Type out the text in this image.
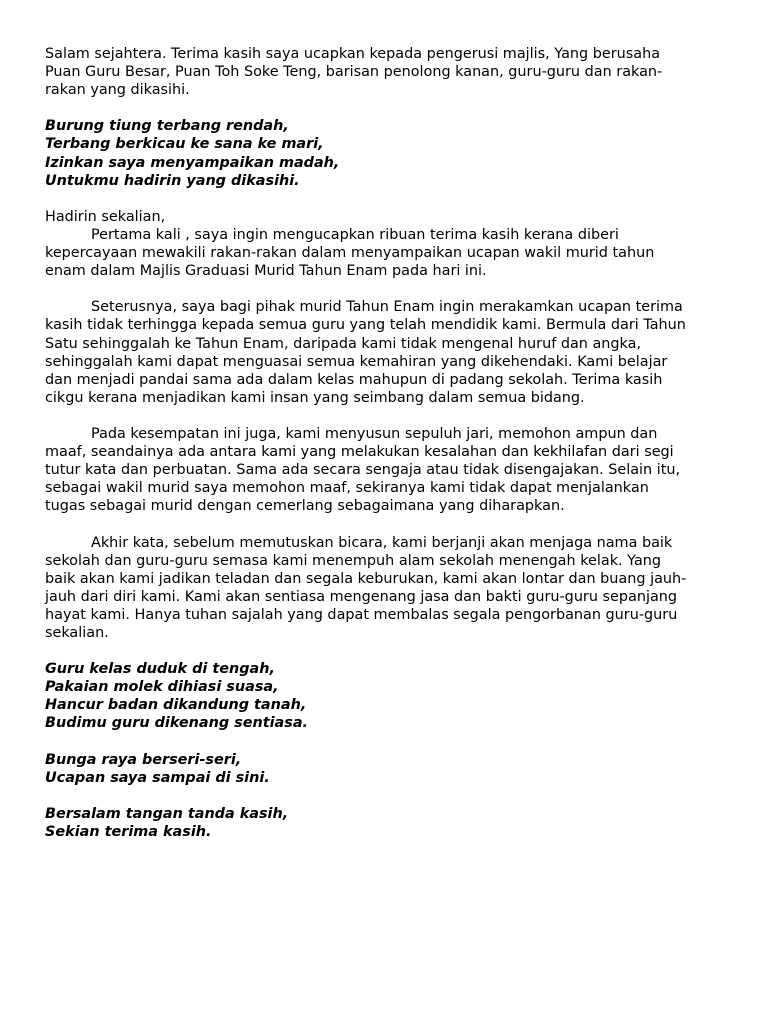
Salam sejahtera. Terima kasih saya ucapkan kepada pengerusi majlis, Yang berusaha
Puan Guru Besar, Puan Toh Soke Teng, barisan penolong kanan, guru-guru dan rakan-
rakan yang dikasihi.
Burung tiung terbang rendah,
Terbang berkicau ke sana ke mari,
Izinkan saya menyampaikan madah,
Untukmu hadirin yang dikasihi.
Hadirin sekalian,
Pertama kali , saya ingin mengucapkan ribuan terima kasih kerana diberi
kepercayaan mewakili rakan-rakan dalam menyampaikan ucapan wakil murid tahun
enam dalam Majlis Graduasi Murid Tahun Enam pada hari ini.
Seterusnya, saya bagi pihak murid Tahun Enam ingin merakamkan ucapan terima
kasih tidak terhingga kepada semua guru yang telah mendidik kami. Bermula dari Tahun
Satu sehinggalah ke Tahun Enam, daripada kami tidak mengenal huruf dan angka,
sehinggalah kami dapat menguasai semua kemahiran yang dikehendaki. Kami belajar
dan menjadi pandai sama ada dalam kelas mahupun di padang sekolah. Terima kasih
cikgu kerana menjadikan kami insan yang seimbang dalam semua bidang.
Pada kesempatan ini juga, kami menyusun sepuluh jari, memohon ampun dan
maaf, seandainya ada antara kami yang melakukan kesalahan dan kekhilafan dari segi
tutur kata dan perbuatan. Sama ada secara sengaja atau tidak disengajakan. Selain itu,
sebagai wakil murid saya memohon maaf, sekiranya kami tidak dapat menjalankan
tugas sebagai murid dengan cemerlang sebagaimana yang diharapkan.
Akhir kata, sebelum memutuskan bicara, kami berjanji akan menjaga nama baik
sekolah dan guru-guru semasa kami menempuh alam sekolah menengah kelak. Yang
baik akan kami jadikan teladan dan segala keburukan, kami akan lontar dan buang jauh-
jauh dari diri kami. Kami akan sentiasa mengenang jasa dan bakti guru-guru sepanjang
hayat kami. Hanya tuhan sajalah yang dapat membalas segala pengorbanan guru-guru
sekalian.
Guru kelas duduk di tengah,
Pakaian molek dihiasi suasa,
Hancur badan dikandung tanah,
Budimu guru dikenang sentiasa.
Bunga raya berseri-seri,
Ucapan saya sampai di sini.
Bersalam tangan tanda kasih,
Sekian terima kasih.
